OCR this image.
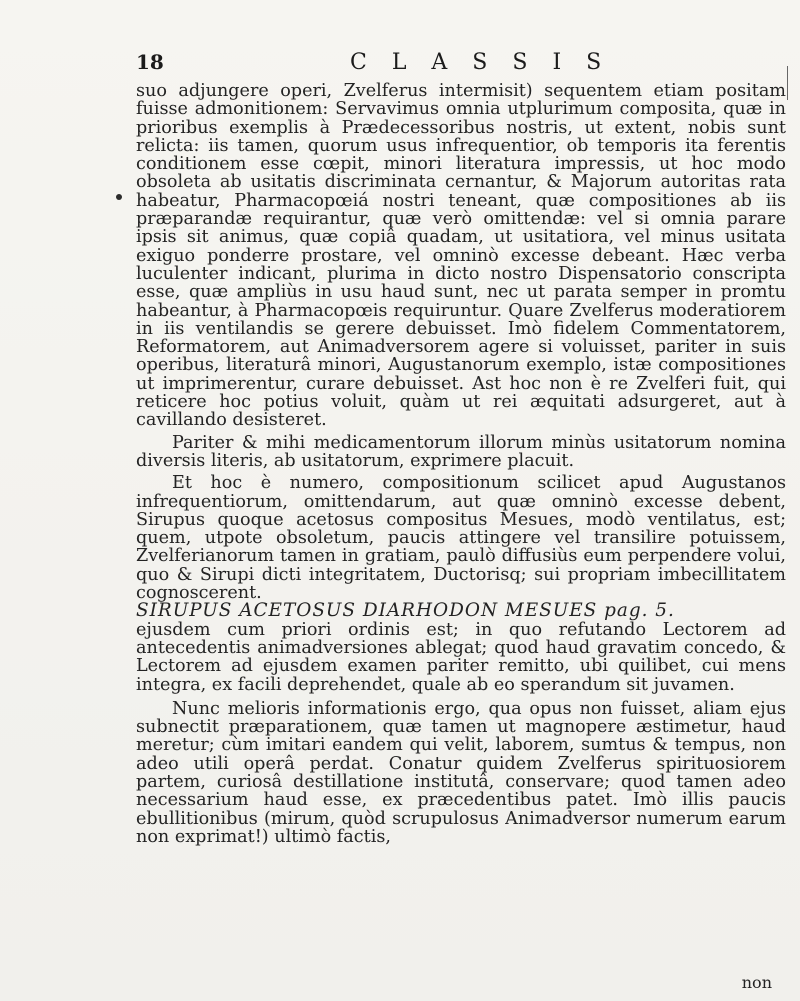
18	C L A S S I S

suo adjungere operi, Zvelferus intermisit) sequentem etiam positam fuisse admonitionem: Servavimus omnia utplurimum composita, quæ in prioribus exemplis à Prædecessoribus nostris, ut extent, nobis sunt relicta: iis tamen, quorum usus infrequentior, ob temporis ita ferentis conditionem esse cœpit, minori literatura impressis, ut hoc modo obsoleta ab usitatis discriminata cernantur, & Majorum autoritas rata habeatur, Pharmacopœiá nostri teneant, quæ compositiones ab iis præparandæ requirantur, quæ verò omittendæ: vel si omnia parare ipsis sit animus, quæ copiâ quadam, ut usitatiora, vel minus usitata exiguo ponderre prostare, vel omninò excesse debeant. Hæc verba luculenter indicant, plurima in dicto nostro Dispensatorio conscripta esse, quæ ampliùs in usu haud sunt, nec ut parata semper in promtu habeantur, à Pharmacopœis requiruntur. Quare Zvelferus moderatiorem in iis ventilandis se gerere debuisset. Imò fidelem Commentatorem, Reformatorem, aut Animadversorem agere si voluisset, pariter in suis operibus, literaturâ minori, Augustanorum exemplo, istæ compositiones ut imprimerentur, curare debuisset. Ast hoc non è re Zvelferi fuit, qui reticere hoc potius voluit, quàm ut rei æquitati adsurgeret, aut à cavillando desisteret.

Pariter & mihi medicamentorum illorum minùs usitatorum nomina diversis literis, ab usitatorum, exprimere placuit.

Et hoc è numero, compositionum scilicet apud Augustanos infrequentiorum, omittendarum, aut quæ omninò excesse debent, Sirupus quoque acetosus compositus Mesues, modò ventilatus, est; quem, utpote obsoletum, paucis attingere vel transilire potuissem, Zvelferianorum tamen in gratiam, paulò diffusiùs eum perpendere volui, quo & Sirupi dicti integritatem, Ductorisq; sui propriam imbecillitatem cognoscerent.

SIRUPUS ACETOSUS DIARHODON MESUES pag. 5.

ejusdem cum priori ordinis est; in quo refutando Lectorem ad antecedentis animadversiones ablegat; quod haud gravatim concedo, & Lectorem ad ejusdem examen pariter remitto, ubi quilibet, cui mens integra, ex facili deprehendet, quale ab eo sperandum sit juvamen.

Nunc melioris informationis ergo, qua opus non fuisset, aliam ejus subnectit præparationem, quæ tamen ut magnopere æstimetur, haud meretur; cùm imitari eandem qui velit, laborem, sumtus & tempus, non adeo utili operâ perdat. Conatur quidem Zvelferus spirituosiorem partem, curiosâ destillatione institutâ, conservare; quod tamen adeo necessarium haud esse, ex præcedentibus patet. Imò illis paucis ebullitionibus (mirum, quòd scrupulosus Animadversor numerum earum non exprimat!) ultimò factis,

non
